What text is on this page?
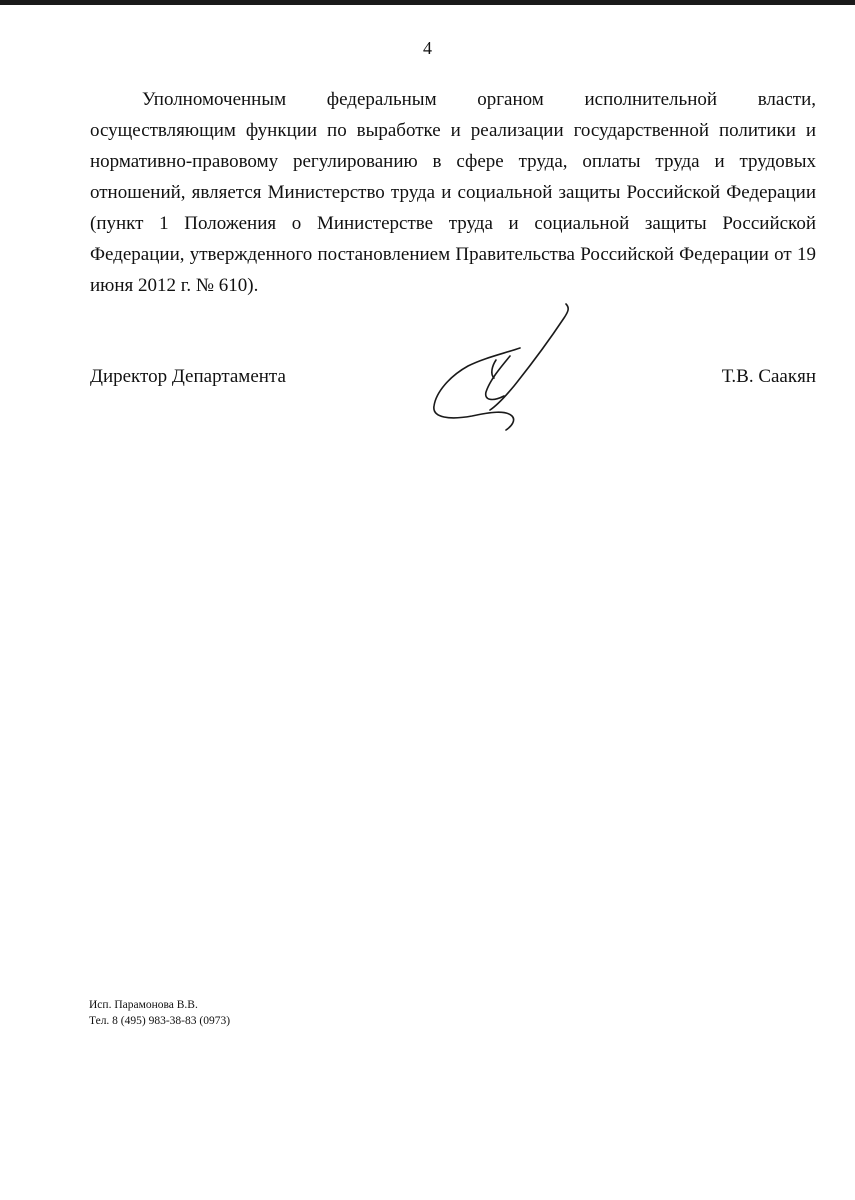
4

Уполномоченным федеральным органом исполнительной власти, осуществляющим функции по выработке и реализации государственной политики и нормативно-правовому регулированию в сфере труда, оплаты труда и трудовых отношений, является Министерство труда и социальной защиты Российской Федерации (пункт 1 Положения о Министерстве труда и социальной защиты Российской Федерации, утвержденного постановлением Правительства Российской Федерации от 19 июня 2012 г. № 610).

Директор Департамента	Т.В. Саакян
Исп. Парамонова В.В.
Тел. 8 (495) 983-38-83 (0973)
